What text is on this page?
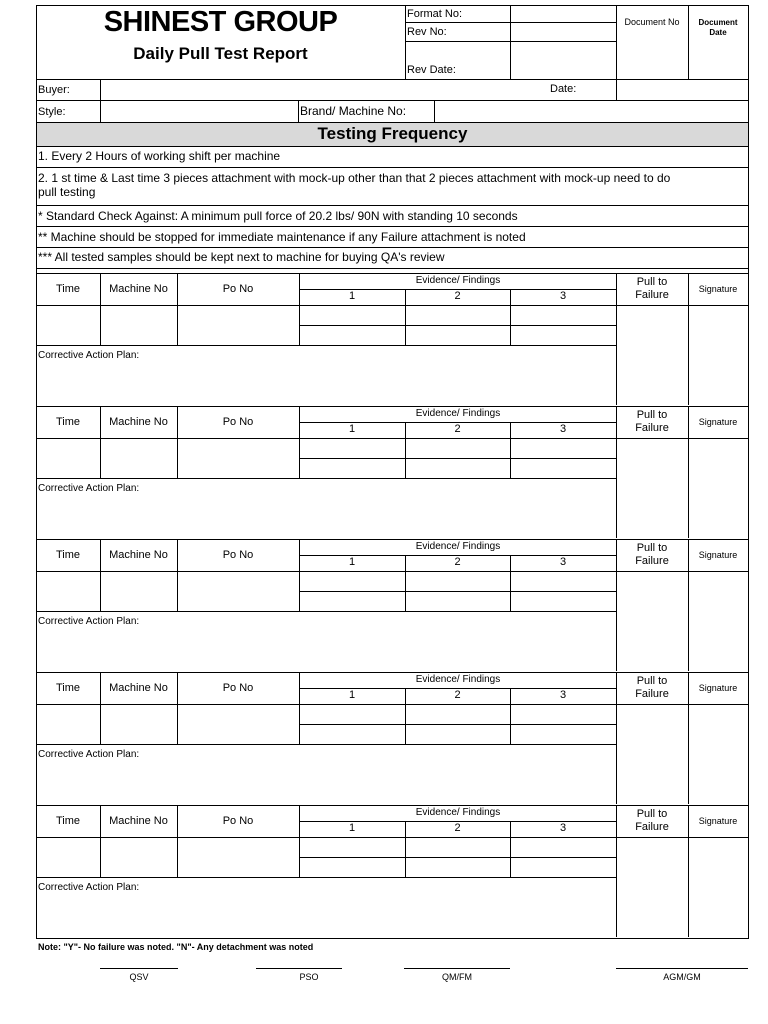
SHINEST GROUP
Daily Pull Test Report
Format No:
Rev No:
Rev Date:
Document No	Document
Date
Buyer:	Date:
Style:	Brand/ Machine No:
Testing Frequency
1. Every 2 Hours of working shift per machine
2. 1 st time & Last time 3 pieces attachment with mock-up other than that 2 pieces attachment with mock-up need to do
pull testing
* Standard Check Against: A minimum pull force of 20.2 lbs/ 90N with standing 10 seconds
** Machine should be stopped for immediate maintenance if any Failure attachment is noted
*** All tested samples should be kept next to machine for buying QA's review
Time	Machine No	Po No
Evidence/ Findings
1	2	3
Pull to
Failure	Signature
Corrective Action Plan:
Time	Machine No	Po No
Evidence/ Findings
1	2	3
Pull to
Failure	Signature
Corrective Action Plan:
Time	Machine No	Po No
Evidence/ Findings
1	2	3
Pull to
Failure	Signature
Corrective Action Plan:
Time	Machine No	Po No
Evidence/ Findings
1	2	3
Pull to
Failure	Signature
Corrective Action Plan:
Time	Machine No	Po No
Evidence/ Findings
1	2	3
Pull to
Failure	Signature
Corrective Action Plan:
Note: "Y"- No failure was noted. "N"- Any detachment was noted
QSV	PSO	QM/FM	AGM/GM
